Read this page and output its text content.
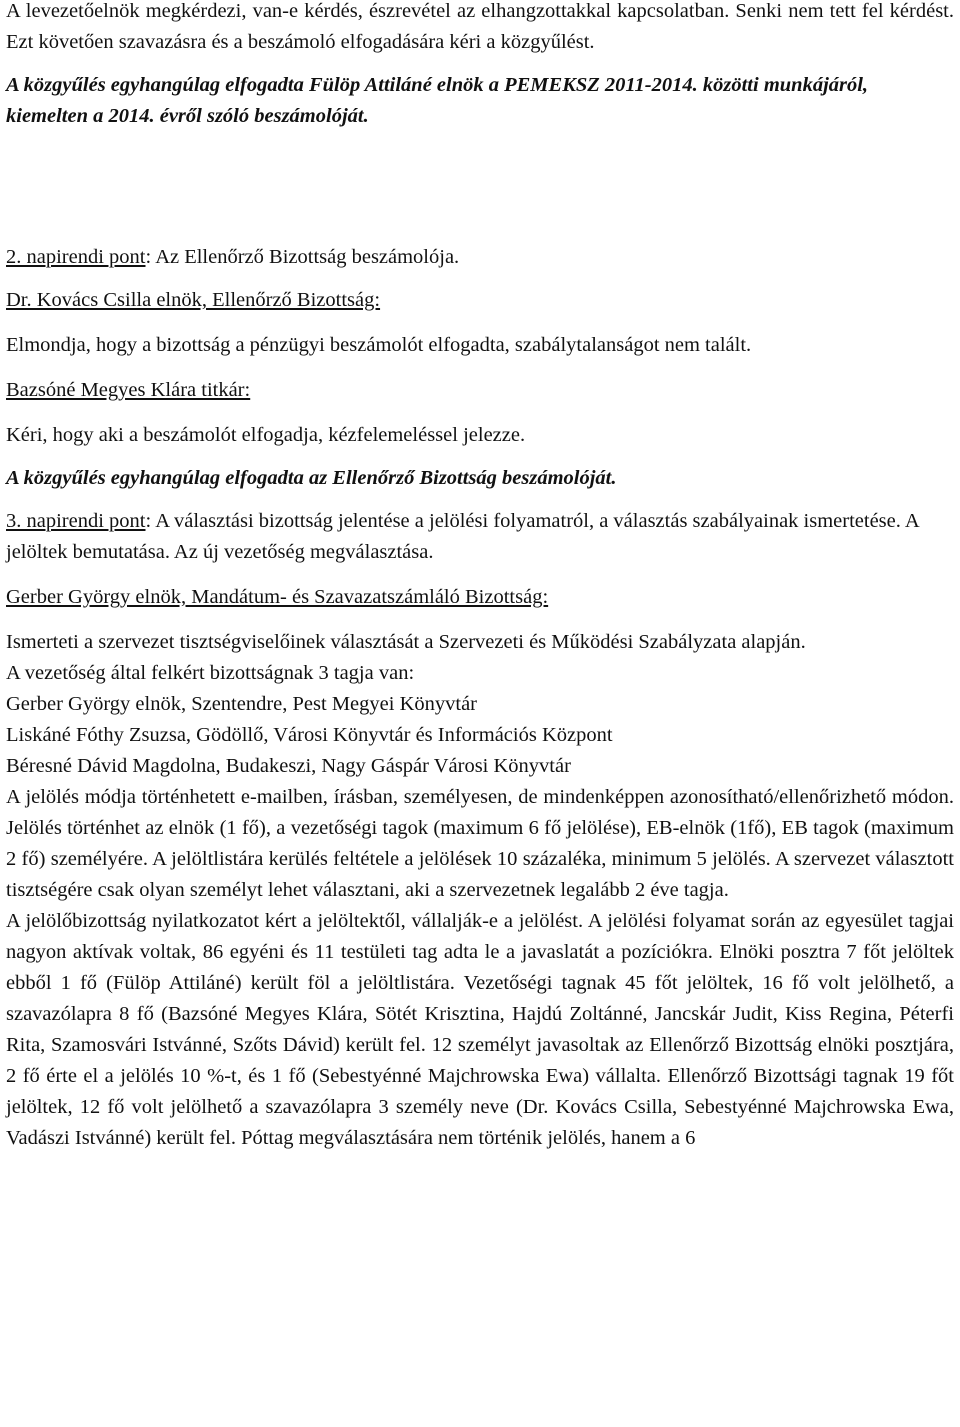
A levezetőelnök megkérdezi, van-e kérdés, észrevétel az elhangzottakkal kapcsolatban. Senki nem tett fel kérdést. Ezt követően szavazásra és a beszámoló elfogadására kéri a közgyűlést.

A közgyűlés egyhangúlag elfogadta Fülöp Attiláné elnök a PEMEKSZ 2011-2014. közötti munkájáról, kiemelten a 2014. évről szóló beszámolóját.

2. napirendi pont: Az Ellenőrző Bizottság beszámolója.

Dr. Kovács Csilla elnök, Ellenőrző Bizottság:

Elmondja, hogy a bizottság a pénzügyi beszámolót elfogadta, szabálytalanságot nem talált.

Bazsóné Megyes Klára titkár:

Kéri, hogy aki a beszámolót elfogadja, kézfelemeléssel jelezze.

A közgyűlés egyhangúlag elfogadta az Ellenőrző Bizottság beszámolóját.

3. napirendi pont: A választási bizottság jelentése a jelölési folyamatról, a választás szabályainak ismertetése. A jelöltek bemutatása. Az új vezetőség megválasztása.

Gerber György elnök, Mandátum- és Szavazatszámláló Bizottság:

Ismerteti a szervezet tisztségviselőinek választását a Szervezeti és Működési Szabályzata alapján.

A vezetőség által felkért bizottságnak 3 tagja van:

Gerber György elnök, Szentendre, Pest Megyei Könyvtár

Liskáné Fóthy Zsuzsa, Gödöllő, Városi Könyvtár és Információs Központ

Béresné Dávid Magdolna, Budakeszi, Nagy Gáspár Városi Könyvtár

A jelölés módja történhetett e-mailben, írásban, személyesen, de mindenképpen azonosítható/ellenőrizhető módon. Jelölés történhet az elnök (1 fő), a vezetőségi tagok (maximum 6 fő jelölése), EB-elnök (1fő), EB tagok (maximum 2 fő) személyére. A jelöltlistára kerülés feltétele a jelölések 10 százaléka, minimum 5 jelölés. A szervezet választott tisztségére csak olyan személyt lehet választani, aki a szervezetnek legalább 2 éve tagja.

A jelölőbizottság nyilatkozatot kért a jelöltektől, vállalják-e a jelölést. A jelölési folyamat során az egyesület tagjai nagyon aktívak voltak, 86 egyéni és 11 testületi tag adta le a javaslatát a pozíciókra. Elnöki posztra 7 főt jelöltek ebből 1 fő (Fülöp Attiláné) került föl a jelöltlistára. Vezetőségi tagnak 45 főt jelöltek, 16 fő volt jelölhető, a szavazólapra 8 fő (Bazsóné Megyes Klára, Sötét Krisztina, Hajdú Zoltánné, Jancskár Judit, Kiss Regina, Péterfi Rita, Szamosvári Istvánné, Szőts Dávid) került fel. 12 személyt javasoltak az Ellenőrző Bizottság elnöki posztjára, 2 fő érte el a jelölés 10 %-t, és 1 fő (Sebestyénné Majchrowska Ewa) vállalta. Ellenőrző Bizottsági tagnak 19 főt jelöltek, 12 fő volt jelölhető a szavazólapra 3 személy neve (Dr. Kovács Csilla, Sebestyénné Majchrowska Ewa, Vadászi Istvánné) került fel. Póttag megválasztására nem történik jelölés, hanem a 6
